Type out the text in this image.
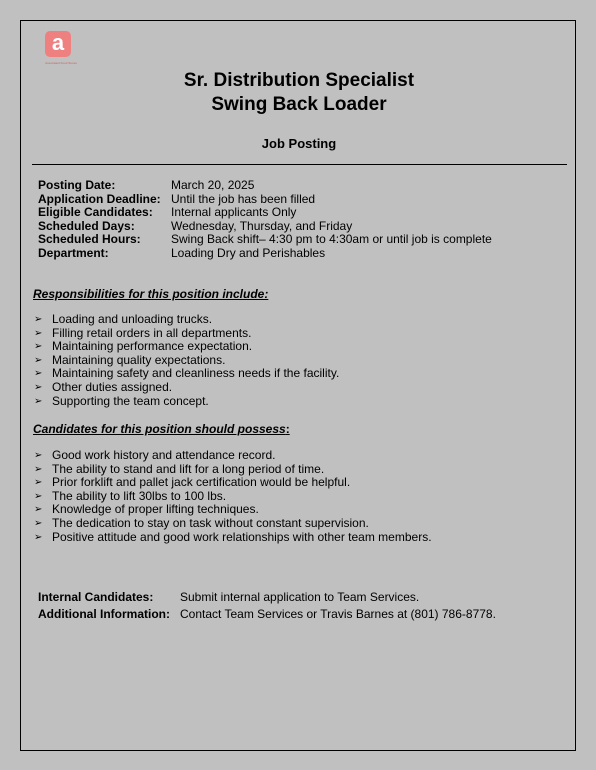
a
Associated Food Stores
Sr. Distribution Specialist
Swing Back Loader
Job Posting
Posting Date:	March 20, 2025
Application Deadline: Until the job has been filled
Eligible Candidates:	Internal applicants Only
Scheduled Days:	Wednesday, Thursday, and Friday
Scheduled Hours:	Swing Back shift– 4:30 pm to 4:30am or until job is complete
Department:	Loading Dry and Perishables
Responsibilities for this position include:
➢ Loading and unloading trucks.
➢ Filling retail orders in all departments.
➢ Maintaining performance expectation.
➢ Maintaining quality expectations.
➢ Maintaining safety and cleanliness needs if the facility.
➢ Other duties assigned.
➢ Supporting the team concept.
Candidates for this position should possess:
➢ Good work history and attendance record.
➢ The ability to stand and lift for a long period of time.
➢ Prior forklift and pallet jack certification would be helpful.
➢ The ability to lift 30lbs to 100 lbs.
➢ Knowledge of proper lifting techniques.
➢ The dedication to stay on task without constant supervision.
➢ Positive attitude and good work relationships with other team members.
Internal Candidates:	Submit internal application to Team Services.
Additional Information: Contact Team Services or Travis Barnes at (801) 786-8778.
